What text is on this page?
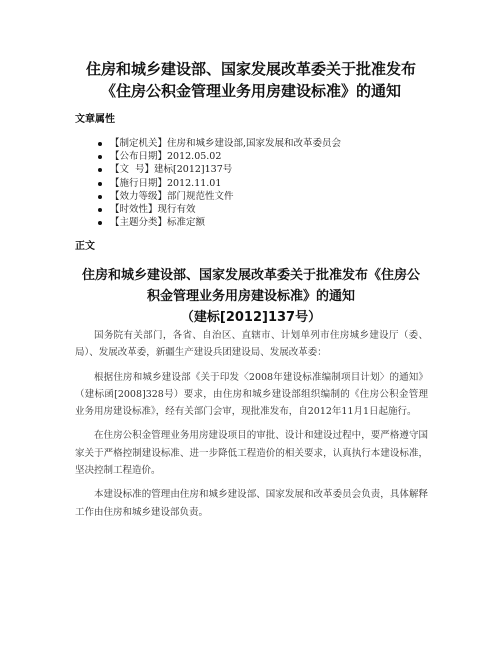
住房和城乡建设部、国家发展改革委关于批准发布
《住房公积金管理业务用房建设标准》的通知
文章属性
【制定机关】住房和城乡建设部,国家发展和改革委员会
【公布日期】2012.05.02
【文  号】建标[2012]137号
【施行日期】2012.11.01
【效力等级】部门规范性文件
【时效性】现行有效
【主题分类】标准定额
正文
住房和城乡建设部、国家发展改革委关于批准发布《住房公
积金管理业务用房建设标准》的通知
（建标[2012]137号）

国务院有关部门，各省、自治区、直辖市、计划单列市住房城乡建设厅（委、局）、发展改革委，新疆生产建设兵团建设局、发展改革委：

根据住房和城乡建设部《关于印发〈2008年建设标准编制项目计划〉的通知》（建标函[2008]328号）要求，由住房和城乡建设部组织编制的《住房公积金管理业务用房建设标准》，经有关部门会审，现批准发布，自2012年11月1日起施行。

在住房公积金管理业务用房建设项目的审批、设计和建设过程中，要严格遵守国家关于严格控制建设标准、进一步降低工程造价的相关要求，认真执行本建设标准，坚决控制工程造价。

本建设标准的管理由住房和城乡建设部、国家发展和改革委员会负责，具体解释工作由住房和城乡建设部负责。
